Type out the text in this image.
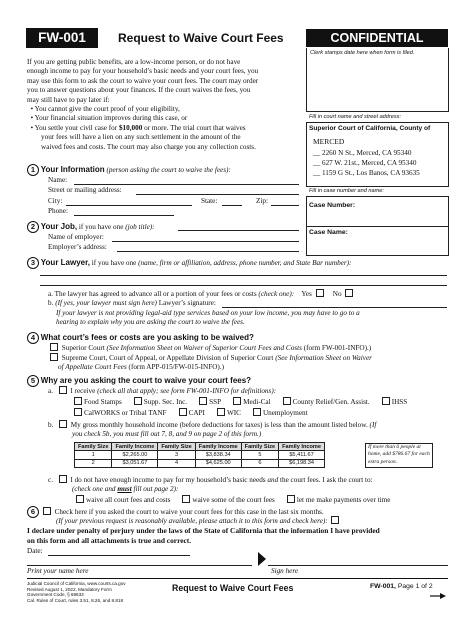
FW-001	Request to Waive Court Fees	CONFIDENTIAL
Clerk stamps date here when form is filed.
If you are getting public benefits, are a low-income person, or do not have
enough income to pay for your household’s basic needs and your court fees, you
may use this form to ask the court to waive your court fees. The court may order
you to answer questions about your finances. If the court waives the fees, you
may still have to pay later if:
• You cannot give the court proof of your eligibility,
• Your financial situation improves during this case, or
• You settle your civil case for $10,000 or more. The trial court that waives
your fees will have a lien on any such settlement in the amount of the
waived fees and costs. The court may also charge you any collection costs.
Fill in court name and street address:
Superior Court of California, County of
MERCED
__ 2260 N St., Merced, CA 95340
__ 627 W. 21st., Merced, CA 95340
__ 1159 G St., Los Banos, CA 93635
Fill in case number and name:
Case Number:
Case Name:
1 Your Information (person asking the court to waive the fees):
Name:
Street or mailing address:
City:	State:	Zip:
Phone:
2 Your Job, if you have one (job title):
Name of employer:
Employer’s address:
3 Your Lawyer, if you have one (name, firm or affiliation, address, phone number, and State Bar number):
a. The lawyer has agreed to advance all or a portion of your fees or costs (check one): Yes	No
b. (If yes, your lawyer must sign here) Lawyer’s signature:
If your lawyer is not providing legal-aid type services based on your low income, you may have to go to a
hearing to explain why you are asking the court to waive the fees.
4 What court’s fees or costs are you asking to be waived?
Superior Court (See Information Sheet on Waiver of Superior Court Fees and Costs (form FW-001-INFO).)
Supreme Court, Court of Appeal, or Appellate Division of Superior Court (See Information Sheet on Waiver
of Appellate Court Fees (form APP-015/FW-015-INFO).)
5 Why are you asking the court to waive your court fees?
a. I receive (check all that apply; see form FW-001-INFO for definitions):
Food Stamps	Supp. Sec. Inc.	SSP	Medi-Cal	County Relief/Gen. Assist.	IHSS
CalWORKS or Tribal TANF	CAPI	WIC	Unemployment
b. My gross monthly household income (before deductions for taxes) is less than the amount listed below. (If
you check 5b, you must fill out 7, 8, and 9 on page 2 of this form.)
Family Size	Family Income	Family Size	Family Income	Family Size	Family Income
1	$2,265.00	3	$3,838.34	5	$5,411.67
2	$3,051.67	4	$4,625.00	6	$6,198.34
If more than 6 people at home, add $786.67 for each extra person.
c. I do not have enough income to pay for my household’s basic needs and the court fees. I ask the court to:
(check one and must fill out page 2):
waive all court fees and costs	waive some of the court fees	let me make payments over time
6	Check here if you asked the court to waive your court fees for this case in the last six months.
(If your previous request is reasonably available, please attach it to this form and check here):
I declare under penalty of perjury under the laws of the State of California that the information I have provided
on this form and all attachments is true and correct.
Date:
Print your name here	Sign here
Judicial Council of California, www.courts.ca.gov
Revised August 1, 2022, Mandatory Form
Government Code, § 68633
Cal. Rules of Court, rules 3.51, 8.26, and 8.818
Request to Waive Court Fees	FW-001, Page 1 of 2
